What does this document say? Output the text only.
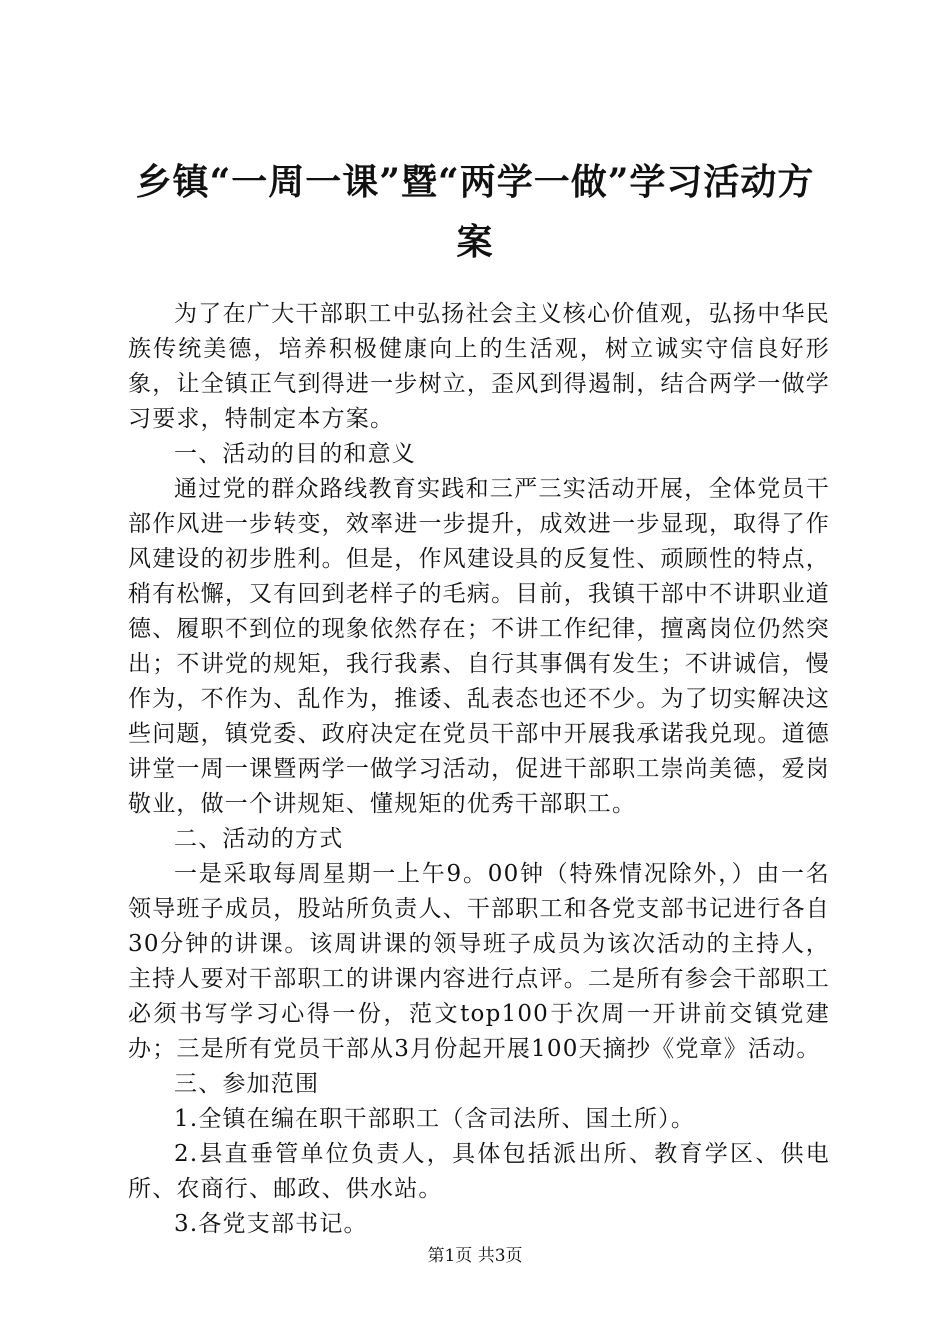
乡镇“一周一课”暨“两学一做”学习活动方案

为了在广大干部职工中弘扬社会主义核心价值观，弘扬中华民族传统美德，培养积极健康向上的生活观，树立诚实守信良好形象，让全镇正气到得进一步树立，歪风到得遏制，结合两学一做学习要求，特制定本方案。

一、活动的目的和意义

通过党的群众路线教育实践和三严三实活动开展，全体党员干部作风进一步转变，效率进一步提升，成效进一步显现，取得了作风建设的初步胜利。但是，作风建设具的反复性、顽顾性的特点，稍有松懈，又有回到老样子的毛病。目前，我镇干部中不讲职业道德、履职不到位的现象依然存在；不讲工作纪律，擅离岗位仍然突出；不讲党的规矩，我行我素、自行其事偶有发生；不讲诚信，慢作为，不作为、乱作为，推诿、乱表态也还不少。为了切实解决这些问题，镇党委、政府决定在党员干部中开展我承诺我兑现。道德讲堂一周一课暨两学一做学习活动，促进干部职工崇尚美德，爱岗敬业，做一个讲规矩、懂规矩的优秀干部职工。

二、活动的方式

一是采取每周星期一上午9。00钟（特殊情况除外，）由一名领导班子成员，股站所负责人、干部职工和各党支部书记进行各自30分钟的讲课。该周讲课的领导班子成员为该次活动的主持人，主持人要对干部职工的讲课内容进行点评。二是所有参会干部职工必须书写学习心得一份，范文top100于次周一开讲前交镇党建办；三是所有党员干部从3月份起开展100天摘抄《党章》活动。

三、参加范围

1.全镇在编在职干部职工（含司法所、国土所）。

2.县直垂管单位负责人，具体包括派出所、教育学区、供电所、农商行、邮政、供水站。

3.各党支部书记。

第1页 共3页
